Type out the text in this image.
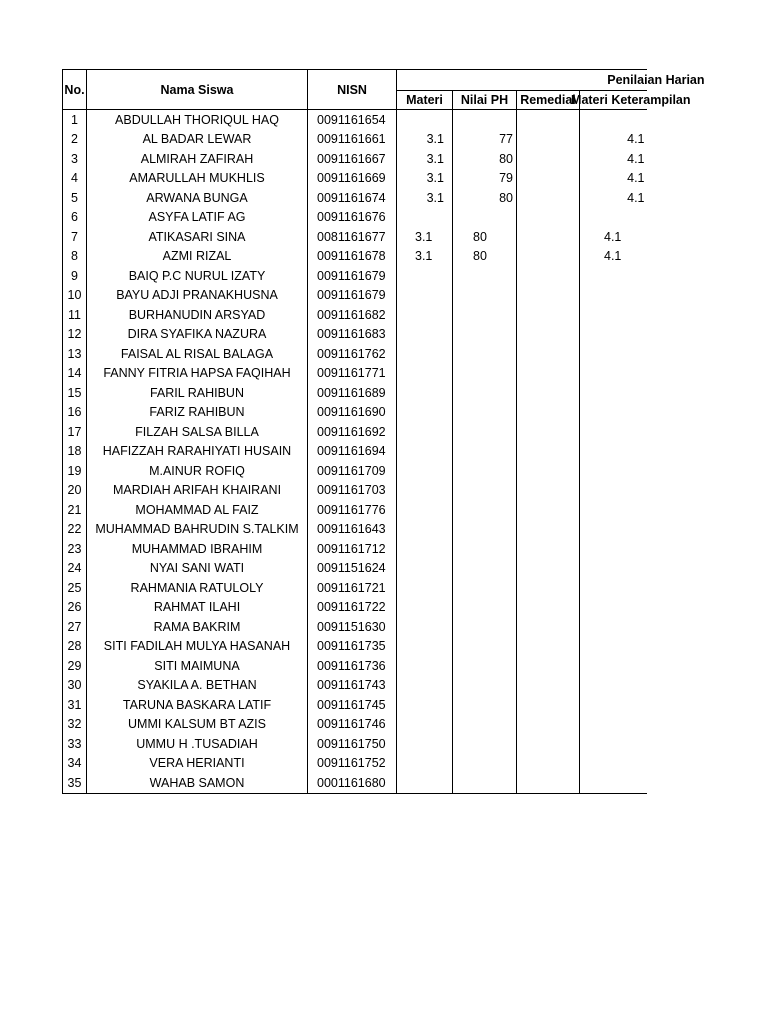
No.	Nama Siswa	NISN	Penilaian Harian			
			Materi	Nilai PH	Remedial	Materi Keterampilan
1	ABDULLAH THORIQUL HAQ	0091161654				
2	AL BADAR LEWAR	0091161661	3.1	77		4.1
3	ALMIRAH ZAFIRAH	0091161667	3.1	80		4.1
4	AMARULLAH MUKHLIS	0091161669	3.1	79		4.1
5	ARWANA BUNGA	0091161674	3.1	80		4.1
6	ASYFA LATIF AG	0091161676				
7	ATIKASARI SINA	0081161677	3.1	80		4.1
8	AZMI RIZAL	0091161678	3.1	80		4.1
9	BAIQ P.C NURUL IZATY	0091161679				
10	BAYU ADJI PRANAKHUSNA	0091161679				
11	BURHANUDIN ARSYAD	0091161682				
12	DIRA SYAFIKA NAZURA	0091161683				
13	FAISAL AL RISAL BALAGA	0091161762				
14	FANNY FITRIA HAPSA FAQIHAH	0091161771				
15	FARIL RAHIBUN	0091161689				
16	FARIZ RAHIBUN	0091161690				
17	FILZAH SALSA BILLA	0091161692				
18	HAFIZZAH RARAHIYATI HUSAIN	0091161694				
19	M.AINUR ROFIQ	0091161709				
20	MARDIAH ARIFAH KHAIRANI	0091161703				
21	MOHAMMAD AL FAIZ	0091161776				
22	MUHAMMAD BAHRUDIN S.TALKIM	0091161643				
23	MUHAMMAD IBRAHIM	0091161712				
24	NYAI SANI WATI	0091151624				
25	RAHMANIA RATULOLY	0091161721				
26	RAHMAT ILAHI	0091161722				
27	RAMA BAKRIM	0091151630				
28	SITI FADILAH MULYA HASANAH	0091161735				
29	SITI MAIMUNA	0091161736				
30	SYAKILA A. BETHAN	0091161743				
31	TARUNA BASKARA LATIF	0091161745				
32	UMMI KALSUM BT AZIS	0091161746				
33	UMMU H .TUSADIAH	0091161750				
34	VERA HERIANTI	0091161752				
35	WAHAB SAMON	0001161680				
